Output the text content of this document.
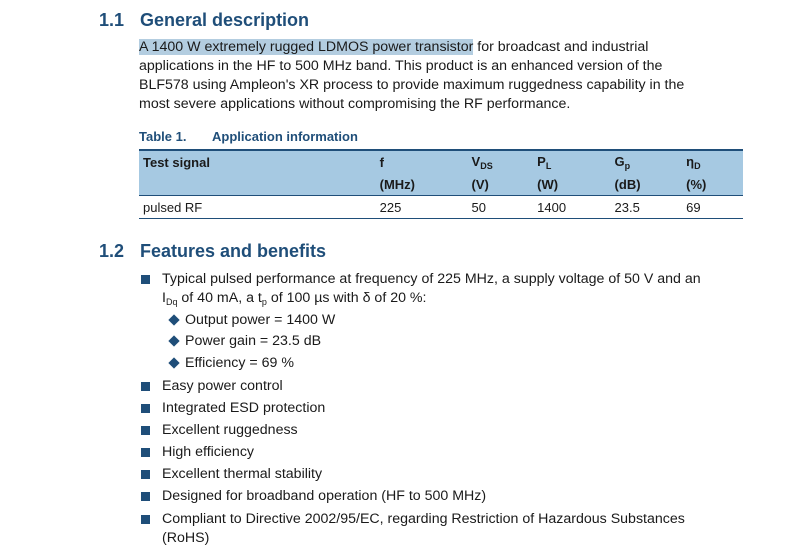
1.1 General description
A 1400 W extremely rugged LDMOS power transistor for broadcast and industrial
applications in the HF to 500 MHz band. This product is an enhanced version of the
BLF578 using Ampleon's XR process to provide maximum ruggedness capability in the
most severe applications without compromising the RF performance.
Table 1. Application information
Test signal	f	$V_{DS}$	$P_L$	$G_p$	$\eta_D$
	(MHz)	(V)	(W)	(dB)	(%)
pulsed RF	225	50	1400	23.5	69
1.2 Features and benefits
Typical pulsed performance at frequency of 225 MHz, a supply voltage of 50 V and an
$I_{Dq}$ of 40 mA, a $t_p$ of 100 µs with δ of 20 %:
Output power = 1400 W
Power gain = 23.5 dB
Efficiency = 69 %
Easy power control
Integrated ESD protection
Excellent ruggedness
High efficiency
Excellent thermal stability
Designed for broadband operation (HF to 500 MHz)
Compliant to Directive 2002/95/EC, regarding Restriction of Hazardous Substances
(RoHS)
